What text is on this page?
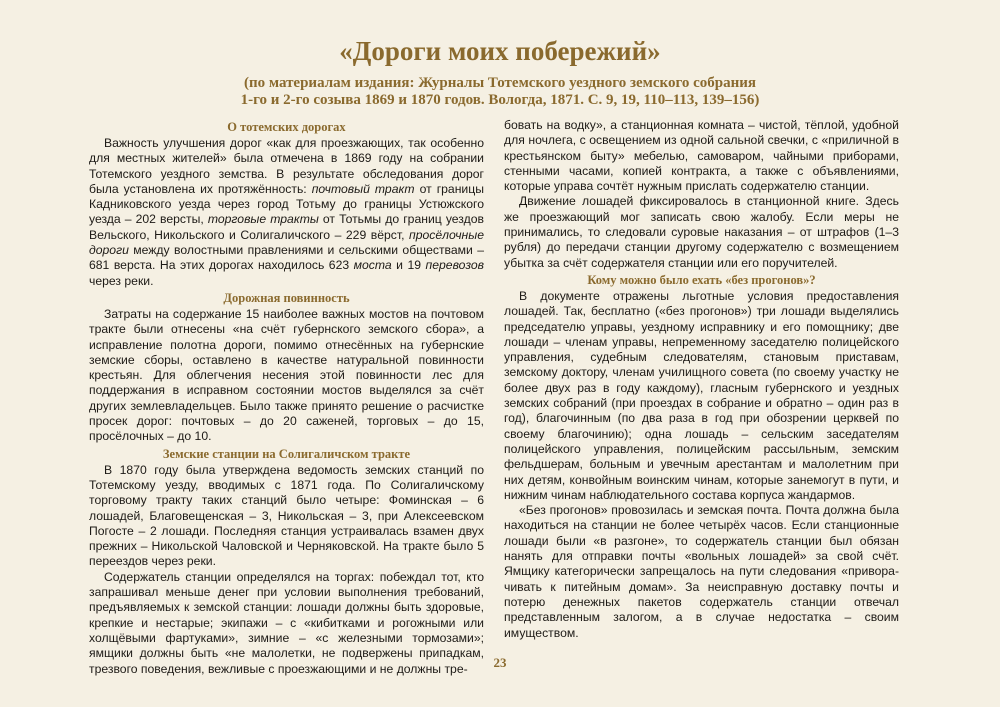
«Дороги моих побережий»
(по материалам издания: Журналы Тотемского уездного земского собрания
1-го и 2-го созыва 1869 и 1870 годов. Вологда, 1871. С. 9, 19, 110–113, 139–156)
О тотемских дорогах

Важность улучшения дорог «как для проезжающих, так особенно для местных жителей» была отмечена в 1869 году на собрании Тотемского уездного земства. В результате обследования дорог была установлена их протяжённость: почтовый тракт от границы Кадниковского уезда через город Тотьму до границы Устюжского уезда – 202 версты, торговые тракты от Тотьмы до границ уездов Вельского, Никольского и Солигаличского – 229 вёрст, просёлочные дороги между волостными правлениями и сельскими обществами – 681 верста. На этих дорогах находилось 623 моста и 19 перевозов через реки.

Дорожная повинность

Затраты на содержание 15 наиболее важных мостов на почтовом тракте были отнесены «на счёт губернского земского сбора», а исправление полотна дороги, помимо отнесённых на губернские земские сборы, оставлено в качестве натуральной повинности крестьян. Для облегчения несения этой повинности лес для поддержания в исправном состоянии мостов выделялся за счёт других землевладельцев. Было также принято решение о расчистке просек дорог: почтовых – до 20 саженей, торговых – до 15, просёлочных – до 10.

Земские станции на Солигаличском тракте

В 1870 году была утверждена ведомость земских станций по Тотемскому уезду, вводимых с 1871 года. По Солигаличскому торговому тракту таких станций было четыре: Фоминская – 6 лошадей, Благовещенская – 3, Никольская – 3, при Алексеевском Погосте – 2 лошади. Последняя станция устраивалась взамен двух прежних – Никольской Чаловской и Черняковской. На тракте было 5 переездов через реки.

Содержатель станции определялся на торгах: побеждал тот, кто запрашивал меньше денег при условии выполнения требований, предъявляемых к земской станции: лошади должны быть здоровые, крепкие и нестарые; экипажи – с «кибитками и рогожными или холщёвыми фартуками», зимние – «с железными тормозами»; ямщики должны быть «не малолетки, не подвержены припадкам, трезвого поведения, вежливые с проезжающими и не должны тре-

бовать на водку», а станционная комната – чистой, тёплой, удобной для ночлега, с освещением из одной сальной свечки, с «приличной в крестьянском быту» мебелью, самоваром, чайными приборами, стенными часами, копией контракта, а также с объявлениями, которые управа сочтёт нужным прислать содержателю станции.

Движение лошадей фиксировалось в станционной книге. Здесь же проезжающий мог записать свою жалобу. Если меры не принимались, то следовали суровые наказания – от штрафов (1–3 рубля) до передачи станции другому содержателю с возмещением убытка за счёт содержателя станции или его поручителей.

Кому можно было ехать «без прогонов»?

В документе отражены льготные условия предоставления лошадей. Так, бесплатно («без прогонов») три лошади выделялись председателю управы, уездному исправнику и его помощнику; две лошади – членам управы, непременному заседателю полицейского управления, судебным следователям, становым приставам, земскому доктору, членам училищного совета (по своему участку не более двух раз в году каждому), гласным губернского и уездных земских собраний (при проездах в собрание и обратно – один раз в год), благочинным (по два раза в год при обозрении церквей по своему благочинию); одна лошадь – сельским заседателям полицейского управления, полицейским рассыльным, земским фельдшерам, больным и увечным арестантам и малолетним при них детям, конвойным воинским чинам, которые занемогут в пути, и нижним чинам наблюдательного состава корпуса жандармов.

«Без прогонов» провозилась и земская почта. Почта должна была находиться на станции не более четырёх часов. Если станционные лошади были «в разгоне», то содержатель станции был обязан нанять для отправки почты «вольных лошадей» за свой счёт. Ямщику категорически запрещалось на пути следования «приворачивать к питейным домам». За неисправную доставку почты и потерю денежных пакетов содержатель станции отвечал представленным залогом, а в случае недостатка – своим имуществом.

23
